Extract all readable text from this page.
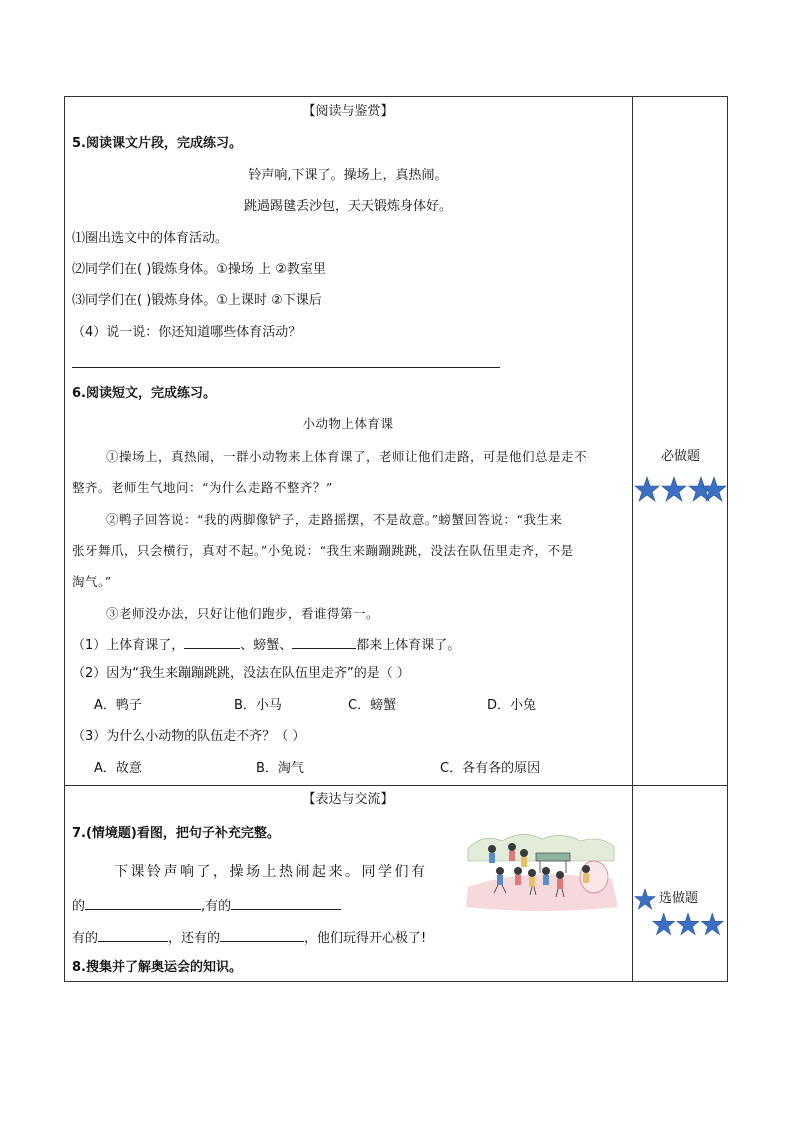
【阅读与鉴赏】
5.阅读课文片段，完成练习。
铃声响,下课了。操场上，真热闹。
跳過踢毽丢沙包，天天锻炼身体好。
⑴圈出选文中的体育活动。
⑵同学们在( )锻炼身体。①操场 上 ②教室里
⑶同学们在( )锻炼身体。①上课时 ②下课后
（4）说一说：你还知道哪些体育活动？
6.阅读短文，完成练习。
小动物上体育课
①操场上，真热闹，一群小动物来上体育课了，老师让他们走路，可是他们总是走不
整齐。老师生气地问：“为什么走路不整齐？”
②鸭子回答说：“我的两脚像铲子，走路摇摆，不是故意。”螃蟹回答说：“我生来
张牙舞爪，只会横行，真对不起。”小兔说：“我生来蹦蹦跳跳，没法在队伍里走齐，不是
淘气。”
③老师没办法，只好让他们跑步，看谁得第一。
（1）上体育课了，	、螃蟹、	都来上体育课了。
（2）因为“我生来蹦蹦跳跳，没法在队伍里走齐”的是（ ）
A．鸭子	B．小马	C．螃蟹	D．小兔
（3）为什么小动物的队伍走不齐？（ ）
A．故意	B．淘气	C．各有各的原因
必做题
【表达与交流】
7.(情境题)看图，把句子补充完整。
下课铃声响了，操场上热闹起来。同学们有
的	,有的
有的	，还有的	，他们玩得开心极了!
8.搜集并了解奥运会的知识。
选做题
